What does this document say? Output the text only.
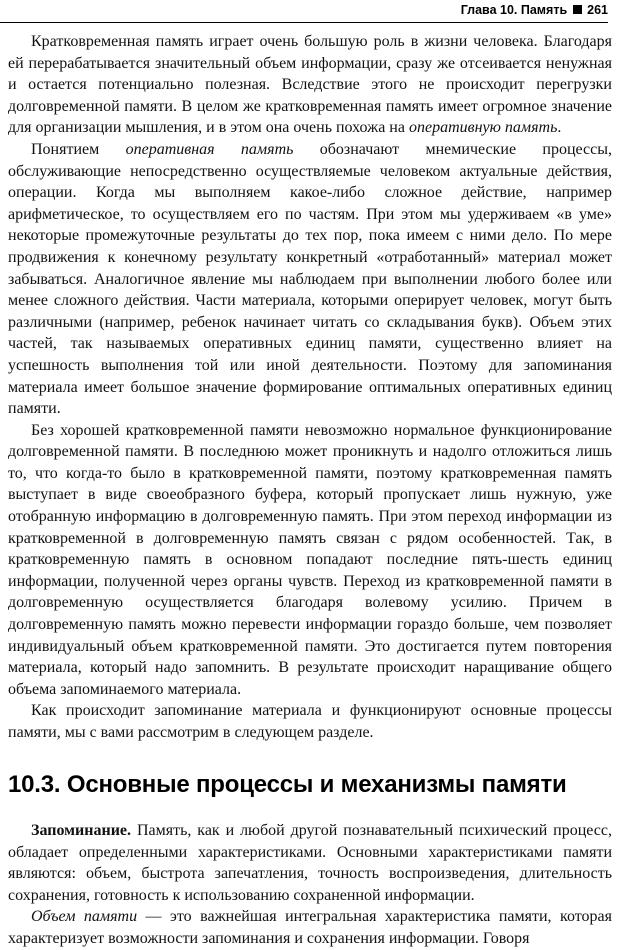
Глава 10. Память 261

Кратковременная память играет очень большую роль в жизни человека. Благодаря ей перерабатывается значительный объем информации, сразу же отсеивается ненужная и остается потенциально полезная. Вследствие этого не происходит перегрузки долговременной памяти. В целом же кратковременная память имеет огромное значение для организации мышления, и в этом она очень похожа на оперативную память.

Понятием оперативная память обозначают мнемические процессы, обслуживающие непосредственно осуществляемые человеком актуальные действия, операции. Когда мы выполняем какое-либо сложное действие, например арифметическое, то осуществляем его по частям. При этом мы удерживаем «в уме» некоторые промежуточные результаты до тех пор, пока имеем с ними дело. По мере продвижения к конечному результату конкретный «отработанный» материал может забываться. Аналогичное явление мы наблюдаем при выполнении любого более или менее сложного действия. Части материала, которыми оперирует человек, могут быть различными (например, ребенок начинает читать со складывания букв). Объем этих частей, так называемых оперативных единиц памяти, существенно влияет на успешность выполнения той или иной деятельности. Поэтому для запоминания материала имеет большое значение формирование оптимальных оперативных единиц памяти.

Без хорошей кратковременной памяти невозможно нормальное функционирование долговременной памяти. В последнюю может проникнуть и надолго отложиться лишь то, что когда-то было в кратковременной памяти, поэтому кратковременная память выступает в виде своеобразного буфера, который пропускает лишь нужную, уже отобранную информацию в долговременную память. При этом переход информации из кратковременной в долговременную память связан с рядом особенностей. Так, в кратковременную память в основном попадают последние пять-шесть единиц информации, полученной через органы чувств. Переход из кратковременной памяти в долговременную осуществляется благодаря волевому усилию. Причем в долговременную память можно перевести информации гораздо больше, чем позволяет индивидуальный объем кратковременной памяти. Это достигается путем повторения материала, который надо запомнить. В результате происходит наращивание общего объема запоминаемого материала.

Как происходит запоминание материала и функционируют основные процессы памяти, мы с вами рассмотрим в следующем разделе.

10.3. Основные процессы и механизмы памяти

Запоминание. Память, как и любой другой познавательный психический процесс, обладает определенными характеристиками. Основными характеристиками памяти являются: объем, быстрота запечатления, точность воспроизведения, длительность сохранения, готовность к использованию сохраненной информации.

Объем памяти — это важнейшая интегральная характеристика памяти, которая характеризует возможности запоминания и сохранения информации. Говоря
